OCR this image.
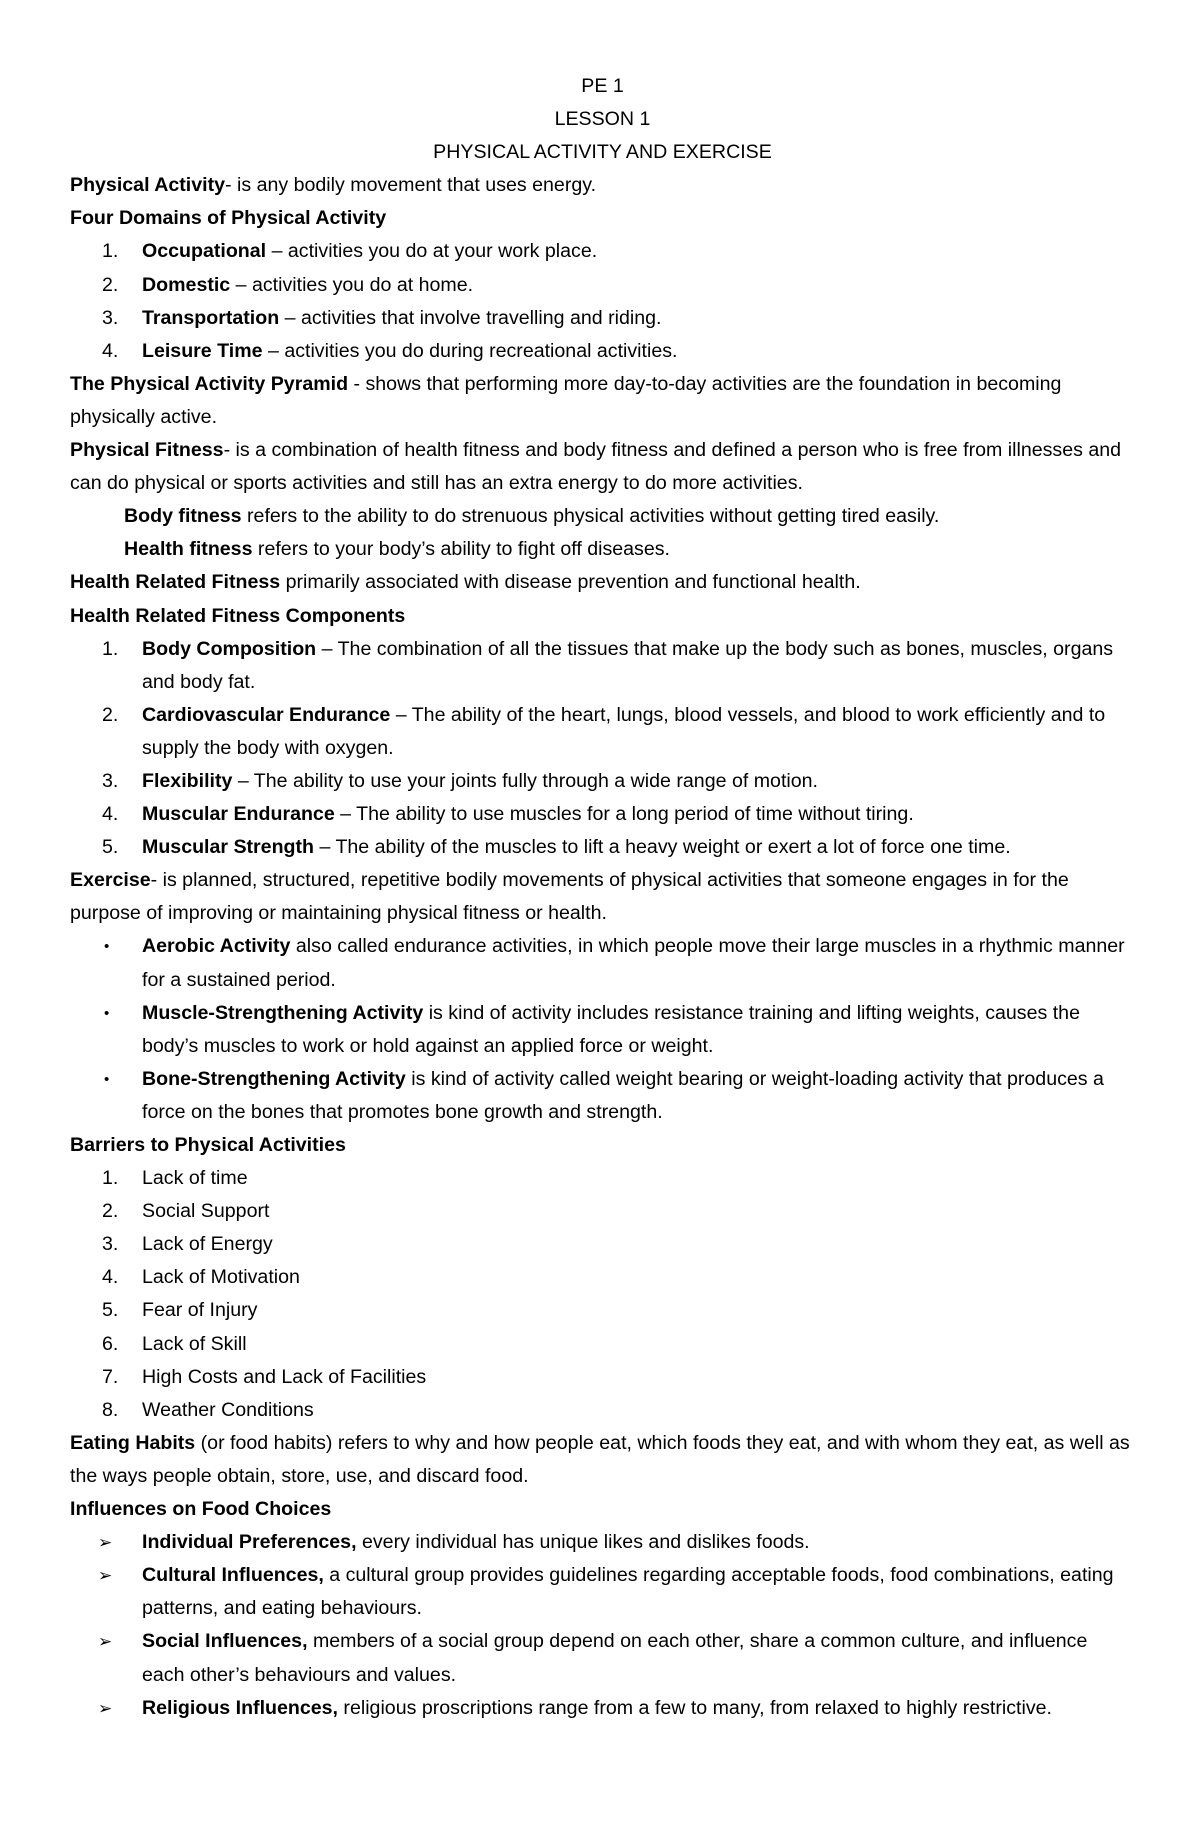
PE 1

LESSON 1

PHYSICAL ACTIVITY AND EXERCISE

Physical Activity- is any bodily movement that uses energy.

Four Domains of Physical Activity

1. Occupational – activities you do at your work place.
2. Domestic – activities you do at home.
3. Transportation – activities that involve travelling and riding.
4. Leisure Time – activities you do during recreational activities.

The Physical Activity Pyramid - shows that performing more day-to-day activities are the foundation in becoming physically active.

Physical Fitness- is a combination of health fitness and body fitness and defined a person who is free from illnesses and can do physical or sports activities and still has an extra energy to do more activities.

Body fitness refers to the ability to do strenuous physical activities without getting tired easily.

Health fitness refers to your body’s ability to fight off diseases.

Health Related Fitness primarily associated with disease prevention and functional health.

Health Related Fitness Components

1. Body Composition – The combination of all the tissues that make up the body such as bones, muscles, organs and body fat.
2. Cardiovascular Endurance – The ability of the heart, lungs, blood vessels, and blood to work efficiently and to supply the body with oxygen.
3. Flexibility – The ability to use your joints fully through a wide range of motion.
4. Muscular Endurance – The ability to use muscles for a long period of time without tiring.
5. Muscular Strength – The ability of the muscles to lift a heavy weight or exert a lot of force one time.

Exercise- is planned, structured, repetitive bodily movements of physical activities that someone engages in for the purpose of improving or maintaining physical fitness or health.

• Aerobic Activity also called endurance activities, in which people move their large muscles in a rhythmic manner for a sustained period.
• Muscle-Strengthening Activity is kind of activity includes resistance training and lifting weights, causes the body’s muscles to work or hold against an applied force or weight.
• Bone-Strengthening Activity is kind of activity called weight bearing or weight-loading activity that produces a force on the bones that promotes bone growth and strength.

Barriers to Physical Activities

1. Lack of time
2. Social Support
3. Lack of Energy
4. Lack of Motivation
5. Fear of Injury
6. Lack of Skill
7. High Costs and Lack of Facilities
8. Weather Conditions

Eating Habits (or food habits) refers to why and how people eat, which foods they eat, and with whom they eat, as well as the ways people obtain, store, use, and discard food.

Influences on Food Choices

➢ Individual Preferences, every individual has unique likes and dislikes foods.
➢ Cultural Influences, a cultural group provides guidelines regarding acceptable foods, food combinations, eating patterns, and eating behaviours.
➢ Social Influences, members of a social group depend on each other, share a common culture, and influence each other’s behaviours and values.
➢ Religious Influences, religious proscriptions range from a few to many, from relaxed to highly restrictive.
